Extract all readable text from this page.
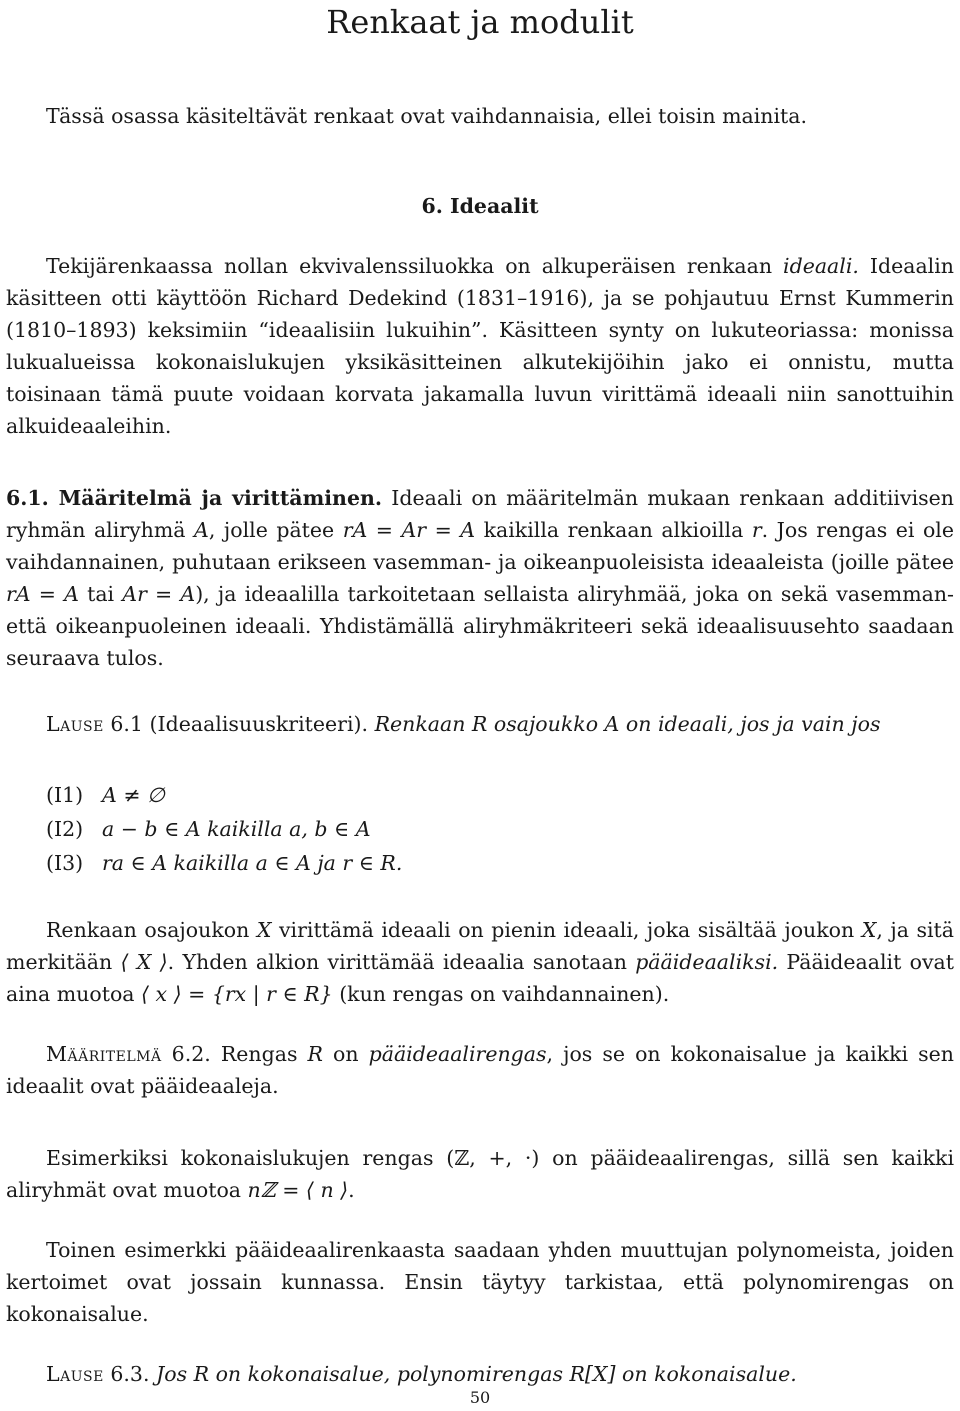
Renkaat ja modulit

Tässä osassa käsiteltävät renkaat ovat vaihdannaisia, ellei toisin mainita.

6. Ideaalit

Tekijärenkaassa nollan ekvivalenssiluokka on alkuperäisen renkaan ideaali. Ideaalin käsitteen otti käyttöön Richard Dedekind (1831–1916), ja se pohjautuu Ernst Kummerin (1810–1893) keksimiin “ideaalisiin lukuihin”. Käsitteen synty on lukuteoriassa: monissa lukualueissa kokonaislukujen yksikäsitteinen alkutekijöihin jako ei onnistu, mutta toisinaan tämä puute voidaan korvata jakamalla luvun virittämä ideaali niin sanottuihin alkuideaaleihin.

6.1. Määritelmä ja virittäminen. Ideaali on määritelmän mukaan renkaan additiivisen ryhmän aliryhmä A, jolle pätee rA = Ar = A kaikilla renkaan alkioilla r. Jos rengas ei ole vaihdannainen, puhutaan erikseen vasemman- ja oikeanpuoleisista ideaaleista (joille pätee rA = A tai Ar = A), ja ideaalilla tarkoitetaan sellaista aliryhmää, joka on sekä vasemman- että oikeanpuoleinen ideaali. Yhdistämällä aliryhmäkriteeri sekä ideaalisuusehto saadaan seuraava tulos.

Lause 6.1 (Ideaalisuuskriteeri). Renkaan R osajoukko A on ideaali, jos ja vain jos

(I1) A ≠ ∅
(I2) a − b ∈ A kaikilla a, b ∈ A
(I3) ra ∈ A kaikilla a ∈ A ja r ∈ R.

Renkaan osajoukon X virittämä ideaali on pienin ideaali, joka sisältää joukon X, ja sitä merkitään ⟨ X ⟩. Yhden alkion virittämää ideaalia sanotaan pääideaaliksi. Pääideaalit ovat aina muotoa ⟨ x ⟩ = {rx | r ∈ R} (kun rengas on vaihdannainen).

Määritelmä 6.2. Rengas R on pääideaalirengas, jos se on kokonaisalue ja kaikki sen ideaalit ovat pääideaaleja.

Esimerkiksi kokonaislukujen rengas (ℤ, +, ·) on pääideaalirengas, sillä sen kaikki aliryhmät ovat muotoa nℤ = ⟨ n ⟩.

Toinen esimerkki pääideaalirenkaasta saadaan yhden muuttujan polynomeista, joiden kertoimet ovat jossain kunnassa. Ensin täytyy tarkistaa, että polynomirengas on kokonaisalue.

Lause 6.3. Jos R on kokonaisalue, polynomirengas R[X] on kokonaisalue.

50
